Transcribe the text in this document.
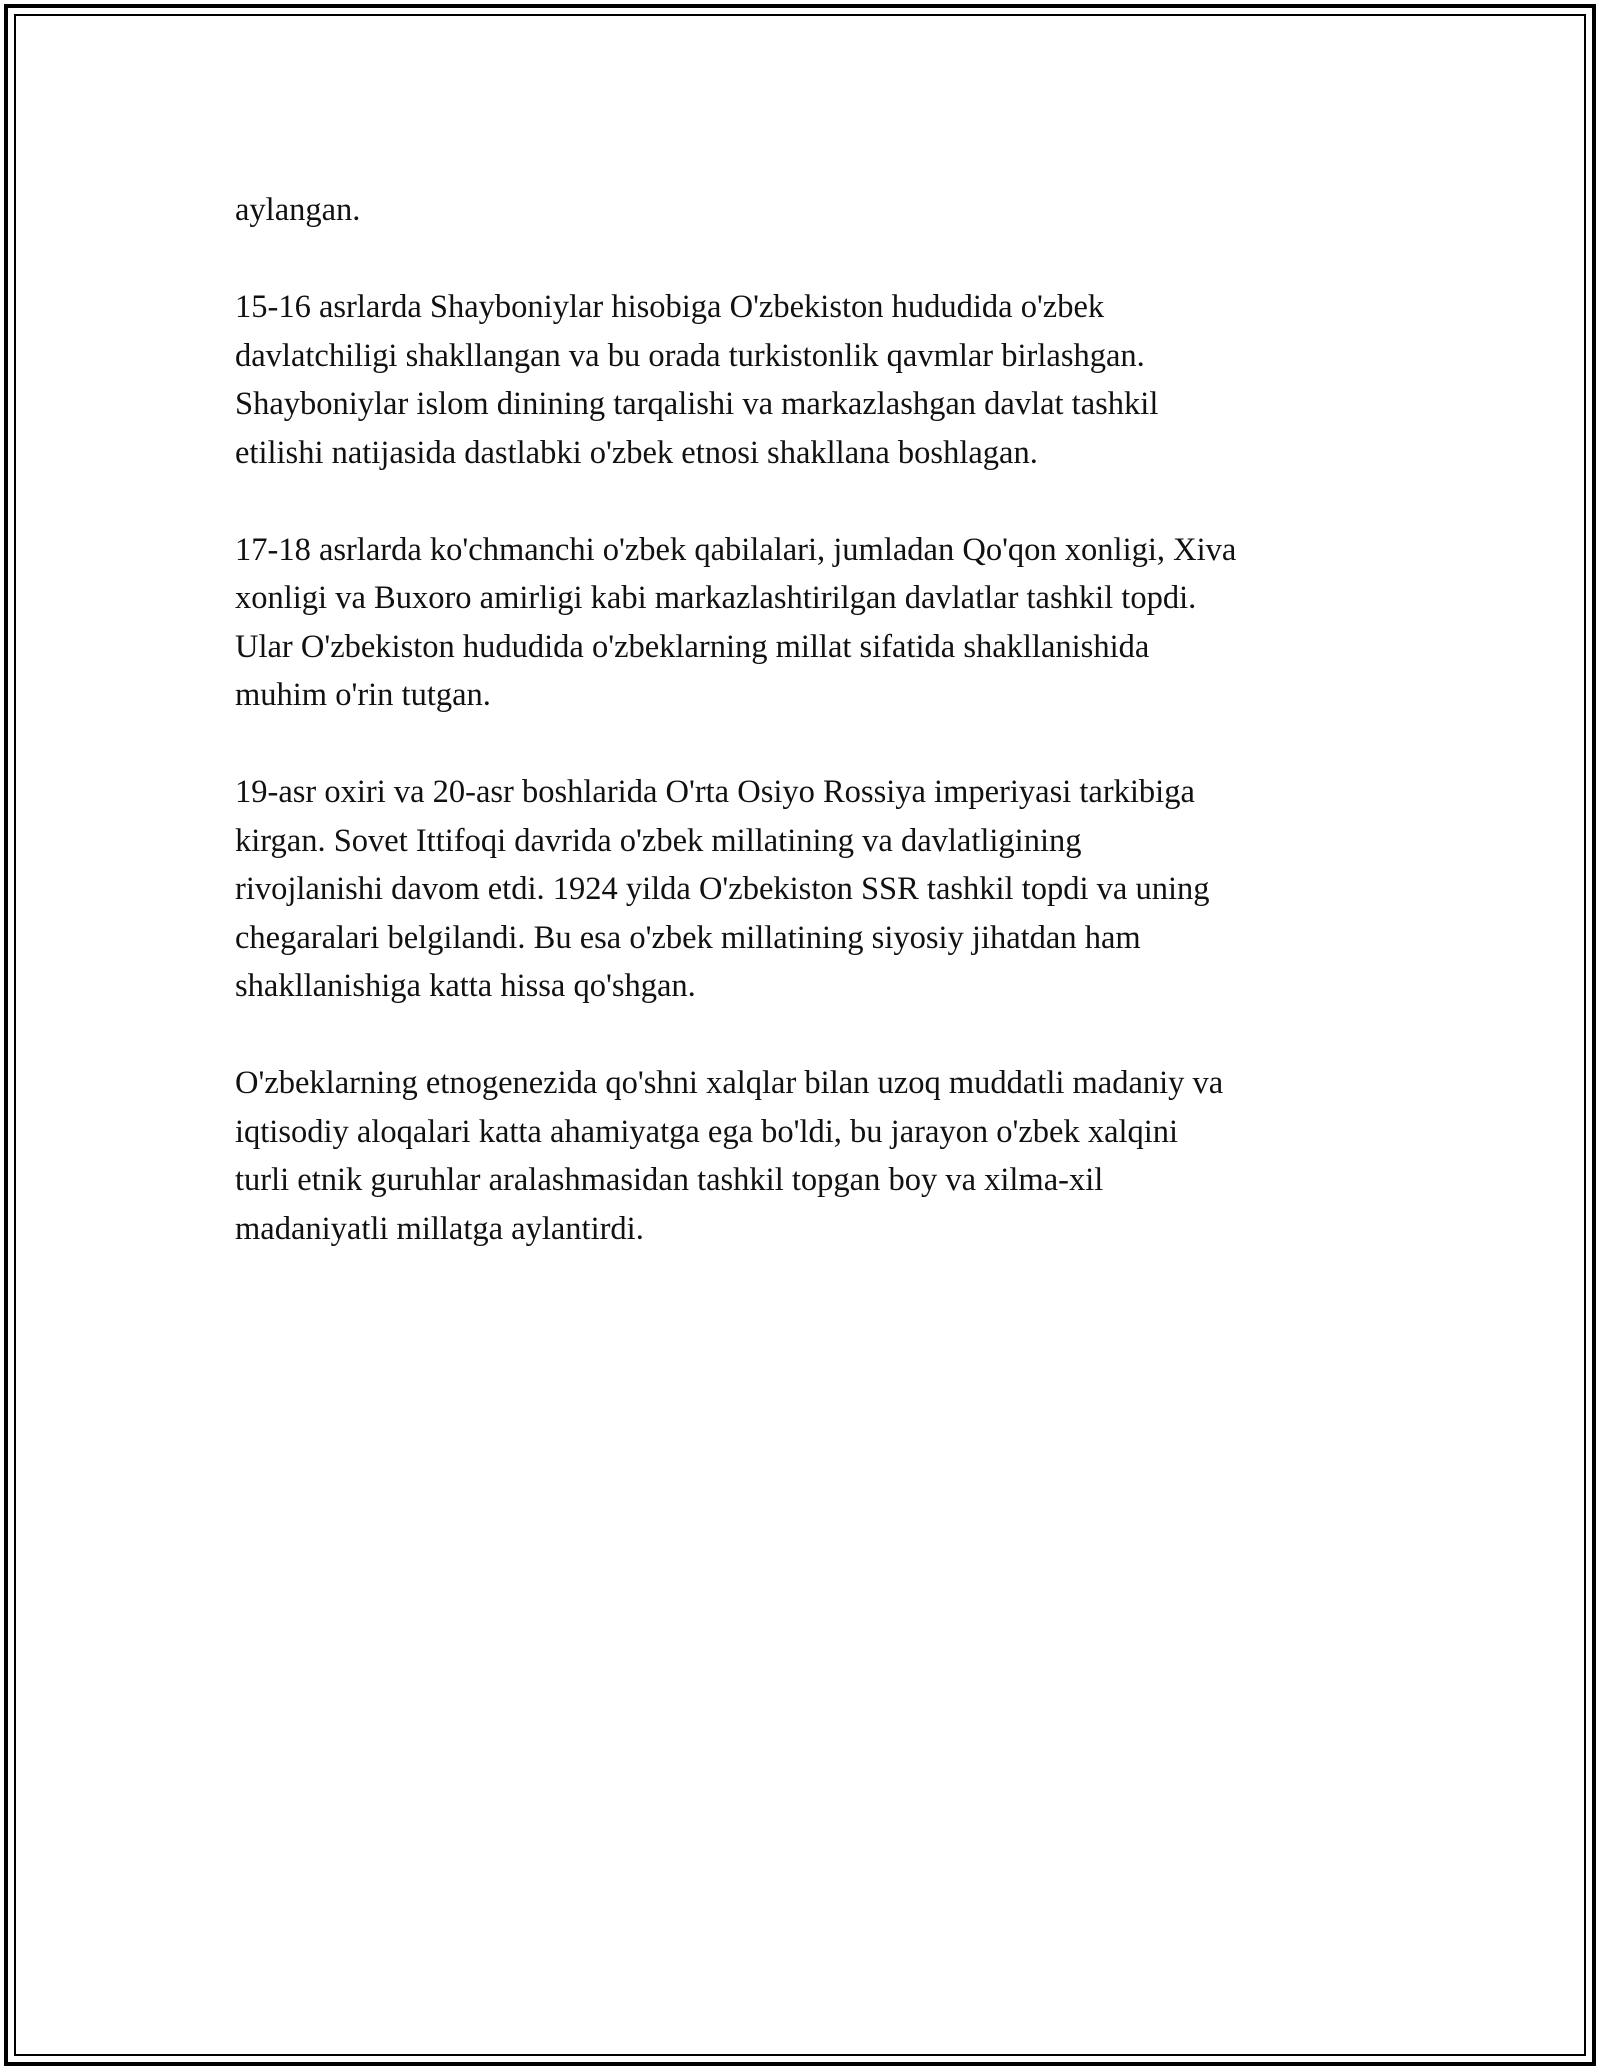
aylangan.

15-16 asrlarda Shayboniylar hisobiga O'zbekiston hududida o'zbek
davlatchiligi shakllangan va bu orada turkistonlik qavmlar birlashgan.
Shayboniylar islom dinining tarqalishi va markazlashgan davlat tashkil
etilishi natijasida dastlabki o'zbek etnosi shakllana boshlagan.

17-18 asrlarda ko'chmanchi o'zbek qabilalari, jumladan Qo'qon xonligi, Xiva
xonligi va Buxoro amirligi kabi markazlashtirilgan davlatlar tashkil topdi.
Ular O'zbekiston hududida o'zbeklarning millat sifatida shakllanishida
muhim o'rin tutgan.

19-asr oxiri va 20-asr boshlarida O'rta Osiyo Rossiya imperiyasi tarkibiga
kirgan. Sovet Ittifoqi davrida o'zbek millatining va davlatligining
rivojlanishi davom etdi. 1924 yilda O'zbekiston SSR tashkil topdi va uning
chegaralari belgilandi. Bu esa o'zbek millatining siyosiy jihatdan ham
shakllanishiga katta hissa qo'shgan.

O'zbeklarning etnogenezida qo'shni xalqlar bilan uzoq muddatli madaniy va
iqtisodiy aloqalari katta ahamiyatga ega bo'ldi, bu jarayon o'zbek xalqini
turli etnik guruhlar aralashmasidan tashkil topgan boy va xilma-xil
madaniyatli millatga aylantirdi.
